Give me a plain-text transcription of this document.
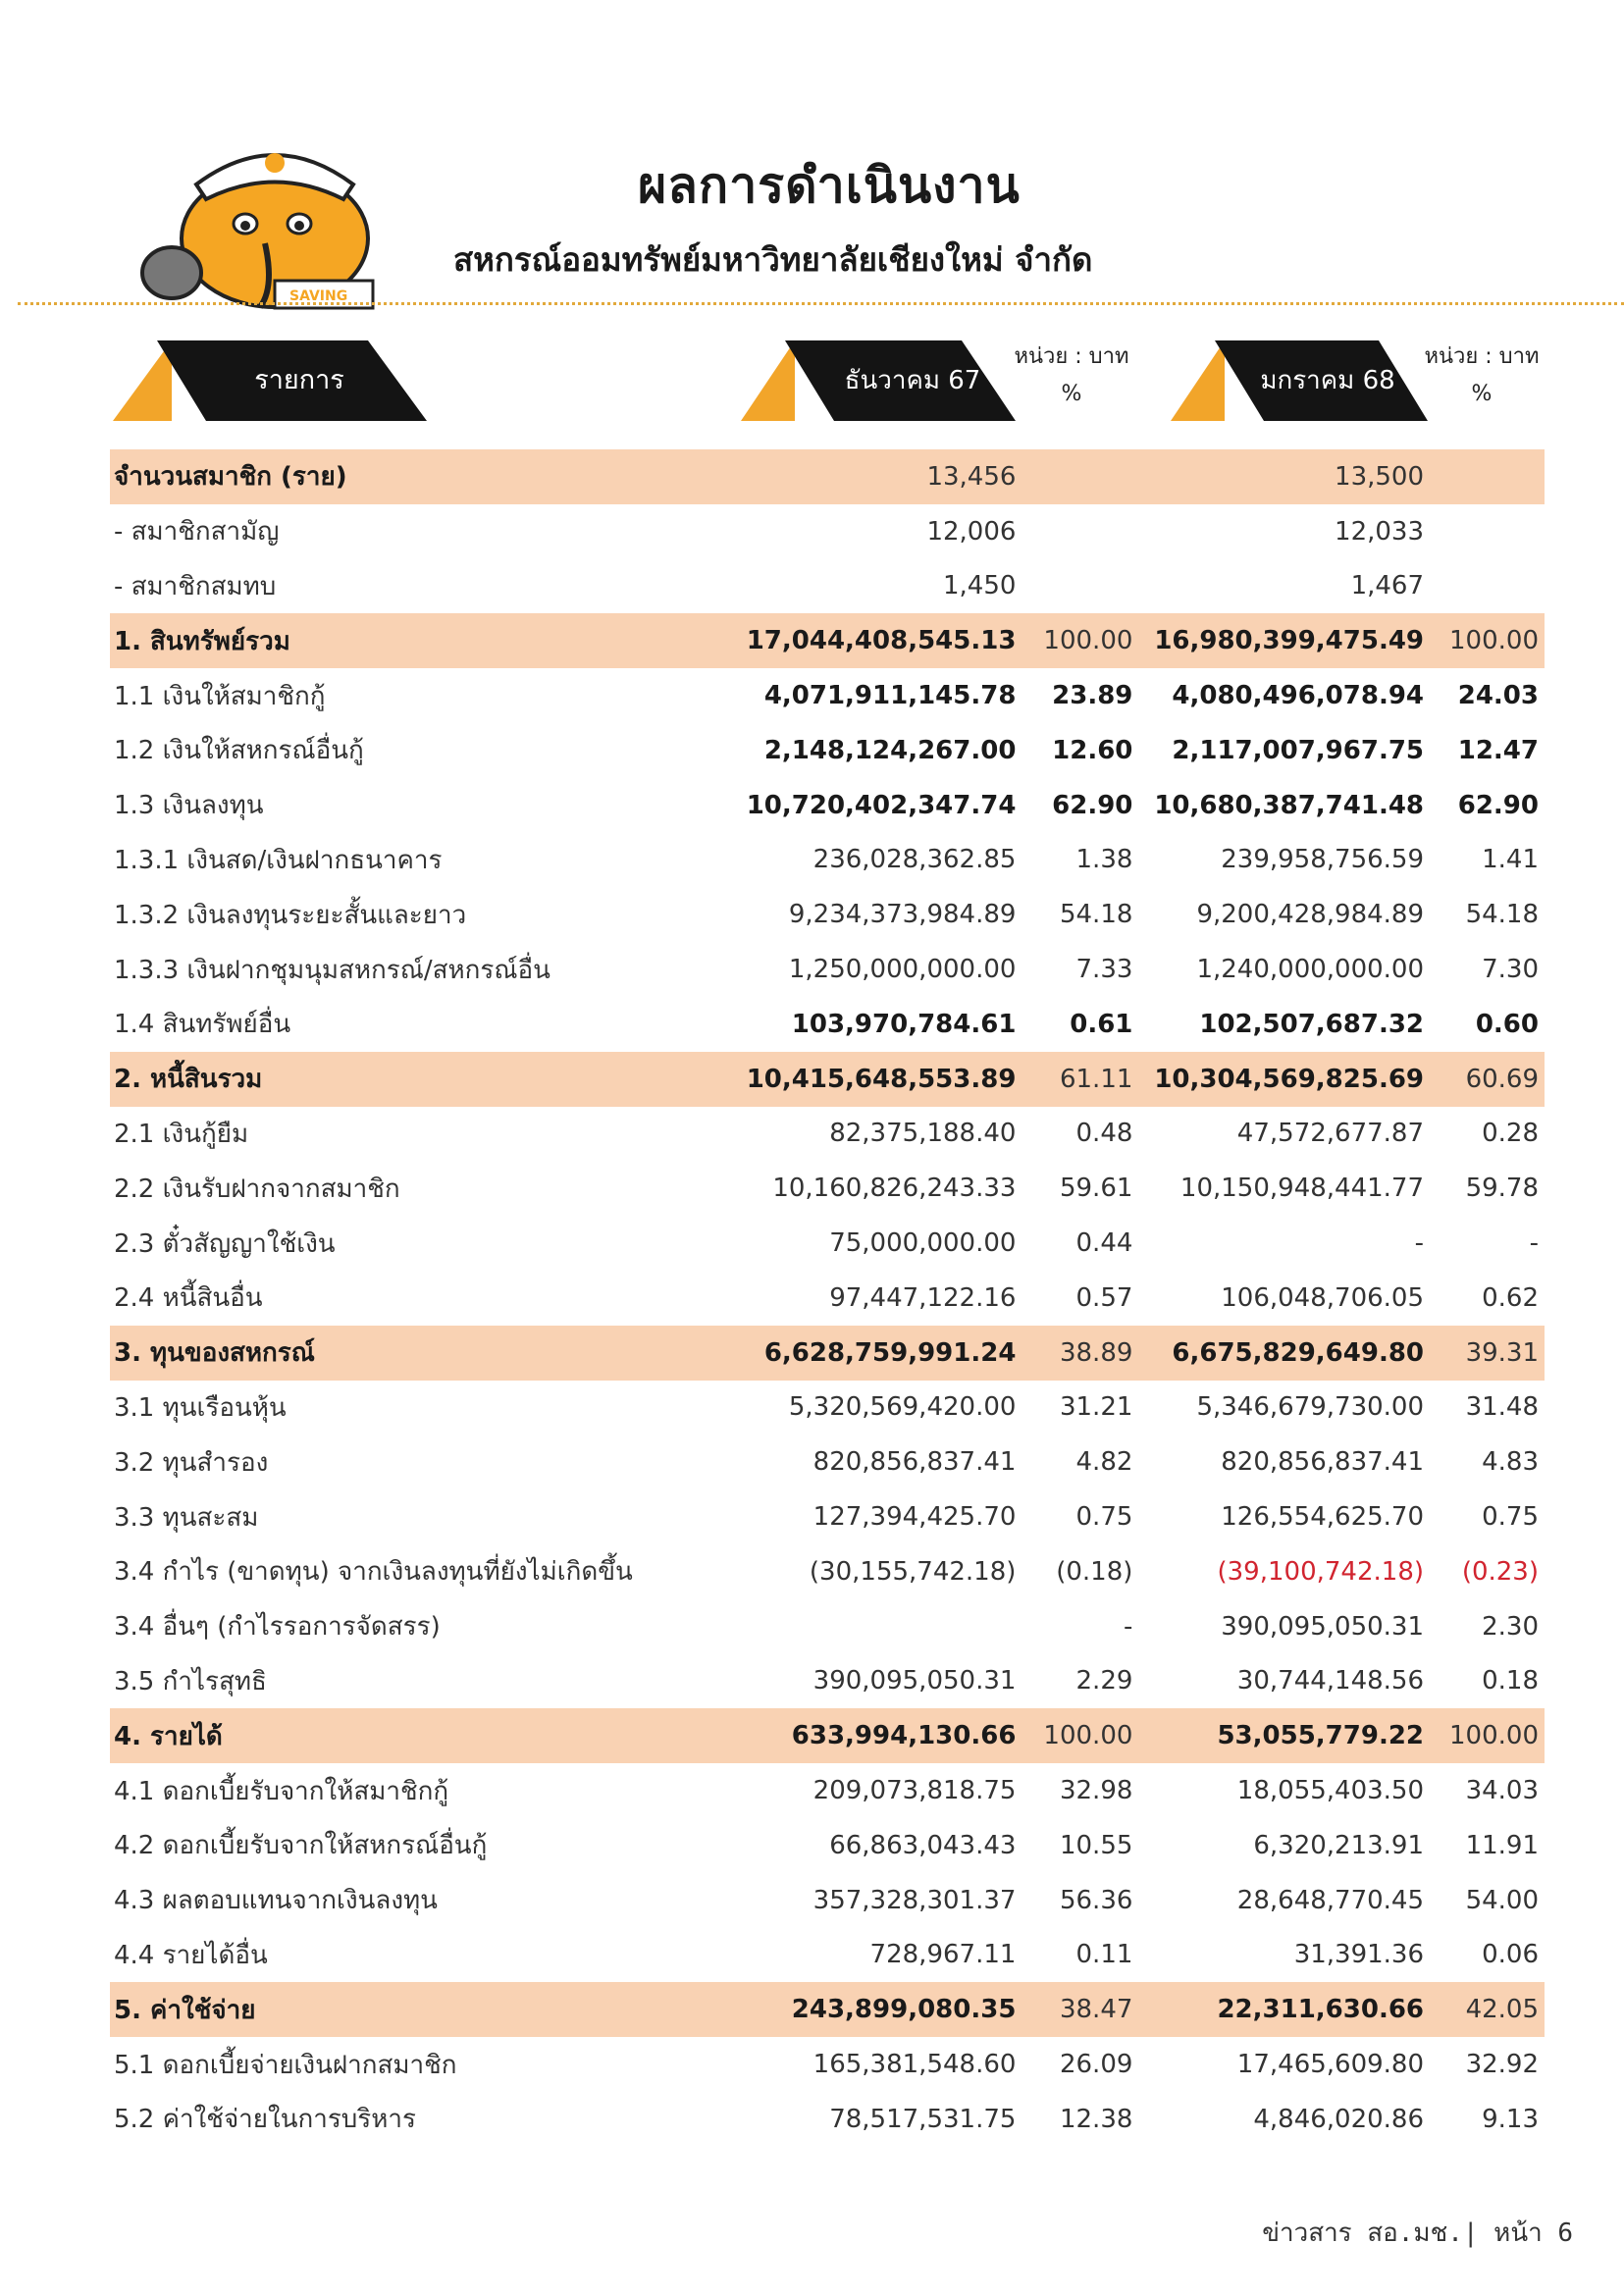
SAVING
ผลการดำเนินงาน
สหกรณ์ออมทรัพย์มหาวิทยาลัยเชียงใหม่ จำกัด
รายการ	ธันวาคม 67
หน่วย : บาท
%	มกราคม 68
หน่วย : บาท
%
จำนวนสมาชิก (ราย)	13,456		13,500	
- สมาชิกสามัญ	12,006		12,033	
- สมาชิกสมทบ	1,450		1,467	
1. สินทรัพย์รวม	17,044,408,545.13	100.00	16,980,399,475.49	100.00
1.1 เงินให้สมาชิกกู้	4,071,911,145.78	23.89	4,080,496,078.94	24.03
1.2 เงินให้สหกรณ์อื่นกู้	2,148,124,267.00	12.60	2,117,007,967.75	12.47
1.3 เงินลงทุน	10,720,402,347.74	62.90	10,680,387,741.48	62.90
1.3.1 เงินสด/เงินฝากธนาคาร	236,028,362.85	1.38	239,958,756.59	1.41
1.3.2 เงินลงทุนระยะสั้นและยาว	9,234,373,984.89	54.18	9,200,428,984.89	54.18
1.3.3 เงินฝากชุมนุมสหกรณ์/สหกรณ์อื่น	1,250,000,000.00	7.33	1,240,000,000.00	7.30
1.4 สินทรัพย์อื่น	103,970,784.61	0.61	102,507,687.32	0.60
2. หนี้สินรวม	10,415,648,553.89	61.11	10,304,569,825.69	60.69
2.1 เงินกู้ยืม	82,375,188.40	0.48	47,572,677.87	0.28
2.2 เงินรับฝากจากสมาชิก	10,160,826,243.33	59.61	10,150,948,441.77	59.78
2.3 ตั๋วสัญญาใช้เงิน	75,000,000.00	0.44	-	-
2.4 หนี้สินอื่น	97,447,122.16	0.57	106,048,706.05	0.62
3. ทุนของสหกรณ์	6,628,759,991.24	38.89	6,675,829,649.80	39.31
3.1 ทุนเรือนหุ้น	5,320,569,420.00	31.21	5,346,679,730.00	31.48
3.2 ทุนสำรอง	820,856,837.41	4.82	820,856,837.41	4.83
3.3 ทุนสะสม	127,394,425.70	0.75	126,554,625.70	0.75
3.4 กำไร (ขาดทุน) จากเงินลงทุนที่ยังไม่เกิดขึ้น	(30,155,742.18)	(0.18)	(39,100,742.18)	(0.23)
3.4 อื่นๆ (กำไรรอการจัดสรร)		-	390,095,050.31	2.30
3.5 กำไรสุทธิ	390,095,050.31	2.29	30,744,148.56	0.18
4. รายได้	633,994,130.66	100.00	53,055,779.22	100.00
4.1 ดอกเบี้ยรับจากให้สมาชิกกู้	209,073,818.75	32.98	18,055,403.50	34.03
4.2 ดอกเบี้ยรับจากให้สหกรณ์อื่นกู้	66,863,043.43	10.55	6,320,213.91	11.91
4.3 ผลตอบแทนจากเงินลงทุน	357,328,301.37	56.36	28,648,770.45	54.00
4.4 รายได้อื่น	728,967.11	0.11	31,391.36	0.06
5. ค่าใช้จ่าย	243,899,080.35	38.47	22,311,630.66	42.05
5.1 ดอกเบี้ยจ่ายเงินฝากสมาชิก	165,381,548.60	26.09	17,465,609.80	32.92
5.2 ค่าใช้จ่ายในการบริหาร	78,517,531.75	12.38	4,846,020.86	9.13
ข่าวสาร สอ.มช.| หน้า 6
